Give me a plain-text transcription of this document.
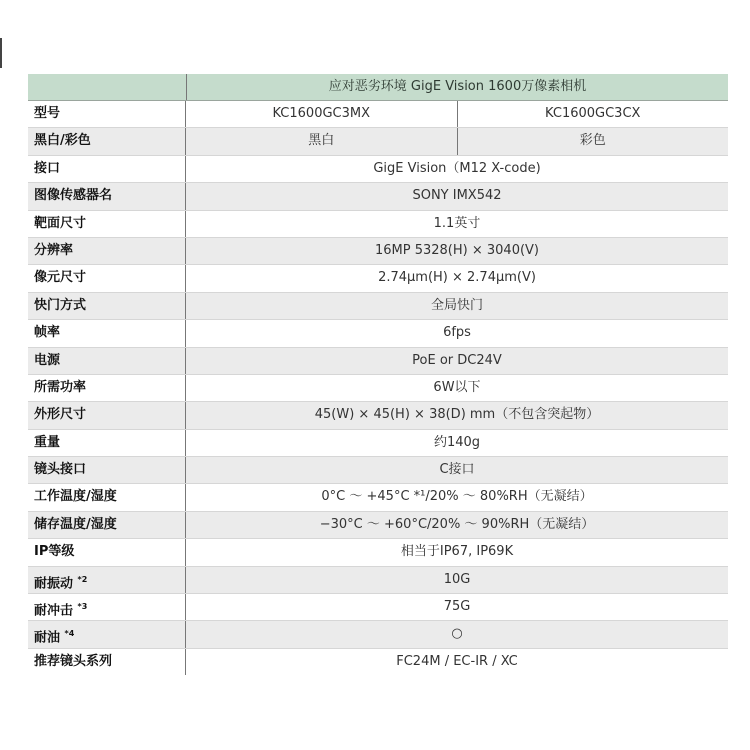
应对恶劣环境 GigE Vision 1600万像素相机
型号	KC1600GC3MX	KC1600GC3CX
黑白/彩色	黑白	彩色
接口	GigE Vision（M12 X-code)
图像传感器名	SONY IMX542
靶面尺寸	1.1英寸
分辨率	16MP 5328(H) × 3040(V)
像元尺寸	2.74μm(H) × 2.74μm(V)
快门方式	全局快门
帧率	6fps
电源	PoE or DC24V
所需功率	6W以下
外形尺寸	45(W) × 45(H) × 38(D) mm（不包含突起物）
重量	约140g
镜头接口	C接口
工作温度/湿度	0°C ～ +45°C *¹/20% ～ 80%RH（无凝结）
储存温度/湿度	−30°C ～ +60°C/20% ～ 90%RH（无凝结）
IP等级	相当于IP67, IP69K
耐振动 $^{*2}$	10G
耐冲击 $^{*3}$	75G
耐油 $^{*4}$	○
推荐镜头系列	FC24M / EC-IR / XC
